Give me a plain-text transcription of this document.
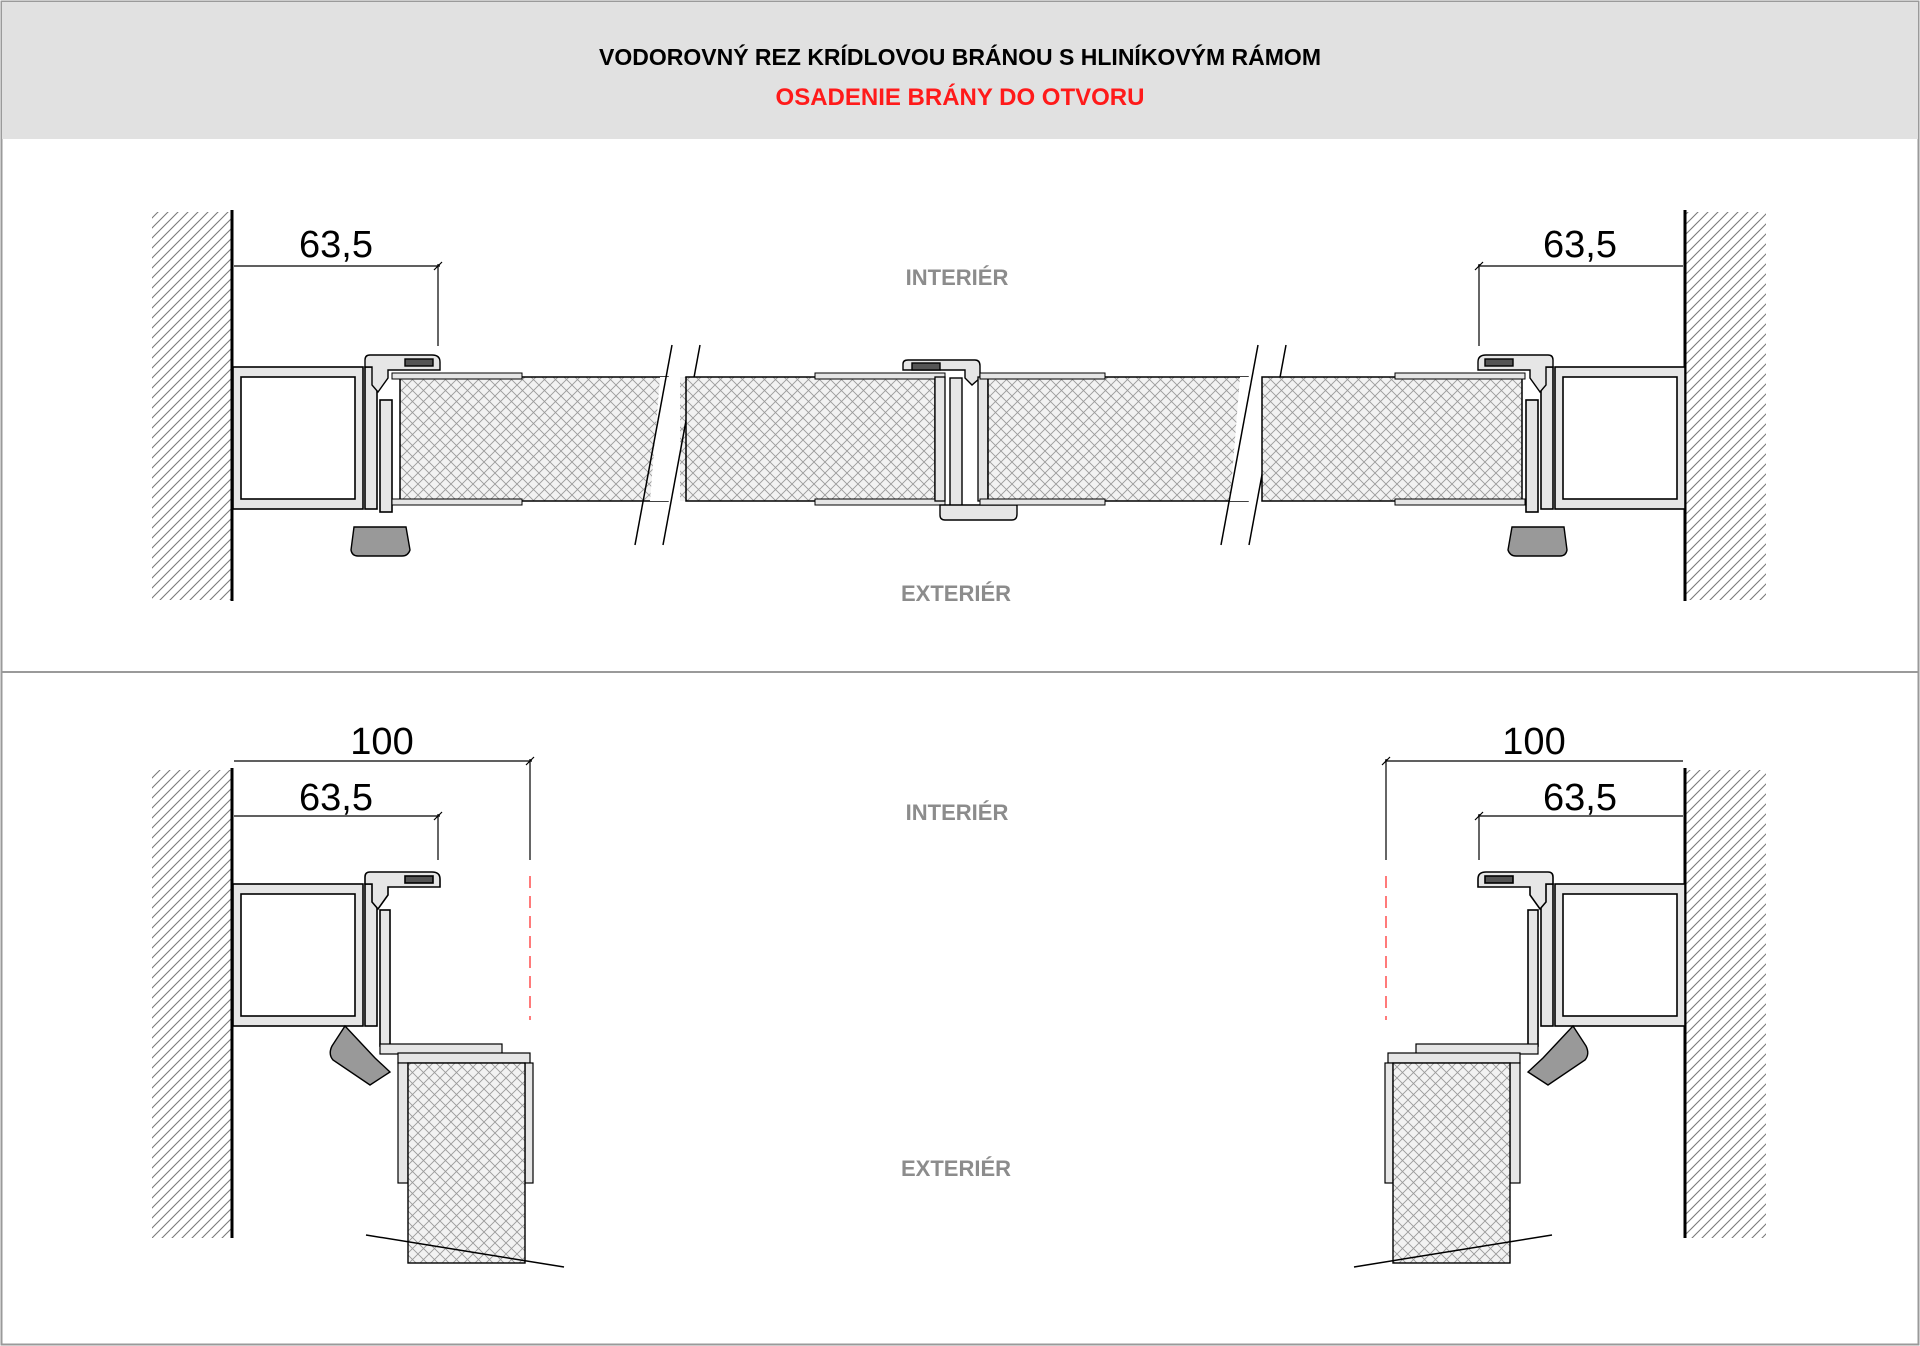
VODOROVNÝ REZ KRÍDLOVOU BRÁNOU S HLINÍKOVÝM RÁMOM
OSADENIE BRÁNY DO OTVORU
63,5	63,5
INTERIÉR
EXTERIÉR
100
63,5
100
63,5
INTERIÉR
EXTERIÉR
